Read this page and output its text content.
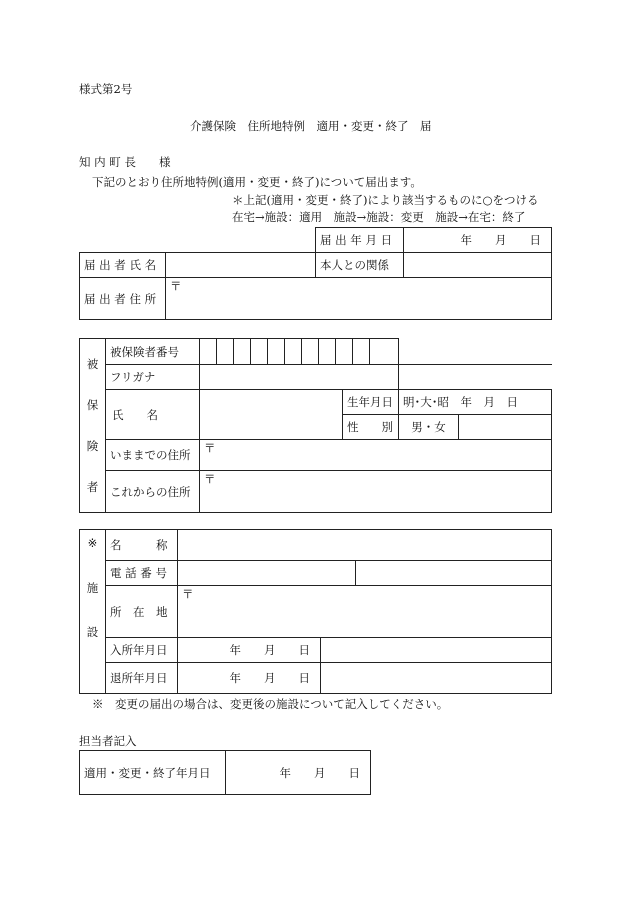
様式第2号
介護保険　住所地特例　適用・変更・終了　届
知 内 町 長　　様
下記のとおり住所地特例(適用・変更・終了)について届出ます。
＊上記(適用・変更・終了)により該当するものに○をつける
在宅→施設：適用　施設→施設：変更　施設→在宅：終了
		届 出 年 月 日	年　　月　　日
届 出 者 氏 名		本人との関係	
届 出 者 住 所	〒		
被
保
険
者	被保険者番号			

	フリガナ				
	氏　　名		生年月日	明･大･昭　年　月　日	
			性　　別	男・女	
	いままでの住所	〒			
	これからの住所	〒			
※
施
設	名　　　称			
	電 話 番 号			
	所　在　地	〒		
	入所年月日	年　　月　　日		
	退所年月日	年　　月　　日		
※　変更の届出の場合は、変更後の施設について記入してください。
担当者記入
適用・変更・終了年月日	年　　月　　日
